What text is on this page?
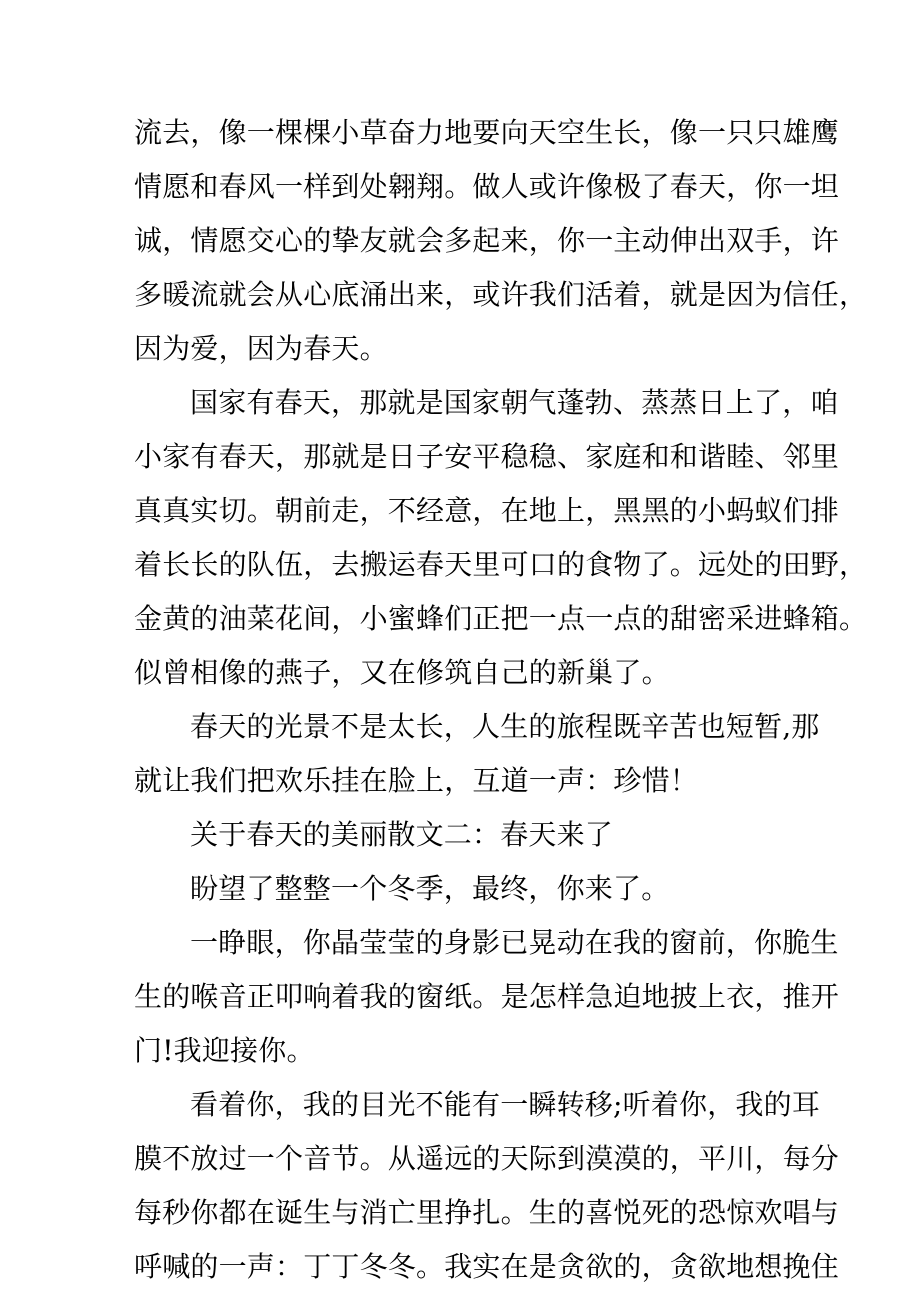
流去，像一棵棵小草奋力地要向天空生长，像一只只雄鹰
情愿和春风一样到处翱翔。做人或许像极了春天，你一坦
诚，情愿交心的挚友就会多起来，你一主动伸出双手，许
多暖流就会从心底涌出来，或许我们活着，就是因为信任，
因为爱，因为春天。
国家有春天，那就是国家朝气蓬勃、蒸蒸日上了，咱
小家有春天，那就是日子安平稳稳、家庭和和谐睦、邻里
真真实切。朝前走，不经意，在地上，黑黑的小蚂蚁们排
着长长的队伍，去搬运春天里可口的食物了。远处的田野，
金黄的油菜花间，小蜜蜂们正把一点一点的甜密采进蜂箱。
似曾相像的燕子，又在修筑自己的新巢了。
春天的光景不是太长，人生的旅程既辛苦也短暂,那
就让我们把欢乐挂在脸上，互道一声：珍惜！
关于春天的美丽散文二：春天来了
盼望了整整一个冬季，最终，你来了。
一睁眼，你晶莹莹的身影已晃动在我的窗前，你脆生
生的喉音正叩响着我的窗纸。是怎样急迫地披上衣，推开
门!我迎接你。
看着你，我的目光不能有一瞬转移;听着你，我的耳
膜不放过一个音节。从遥远的天际到漠漠的，平川，每分
每秒你都在诞生与消亡里挣扎。生的喜悦死的恐惊欢唱与
呼喊的一声：丁丁冬冬。我实在是贪欲的，贪欲地想挽住
